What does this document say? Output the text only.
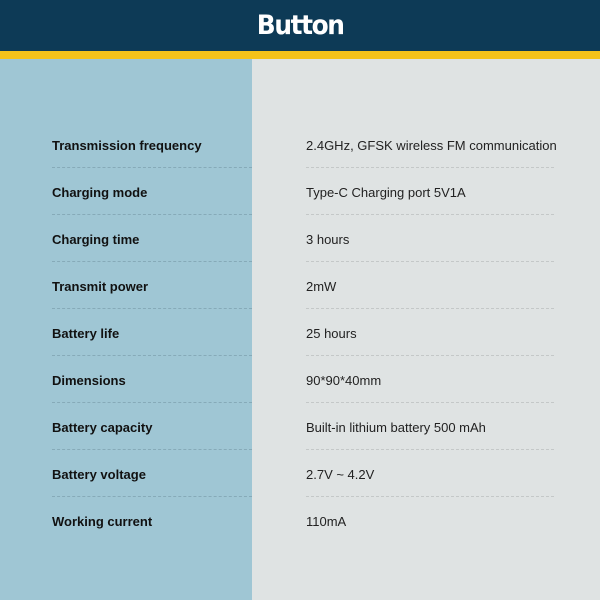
Button
Transmission frequency	2.4GHz, GFSK wireless FM communication
Charging mode	Type-C Charging port 5V1A
Charging time	3 hours
Transmit power	2mW
Battery life	25 hours
Dimensions	90*90*40mm
Battery capacity	Built-in lithium battery 500 mAh
Battery voltage	2.7V ~ 4.2V
Working current	110mA
